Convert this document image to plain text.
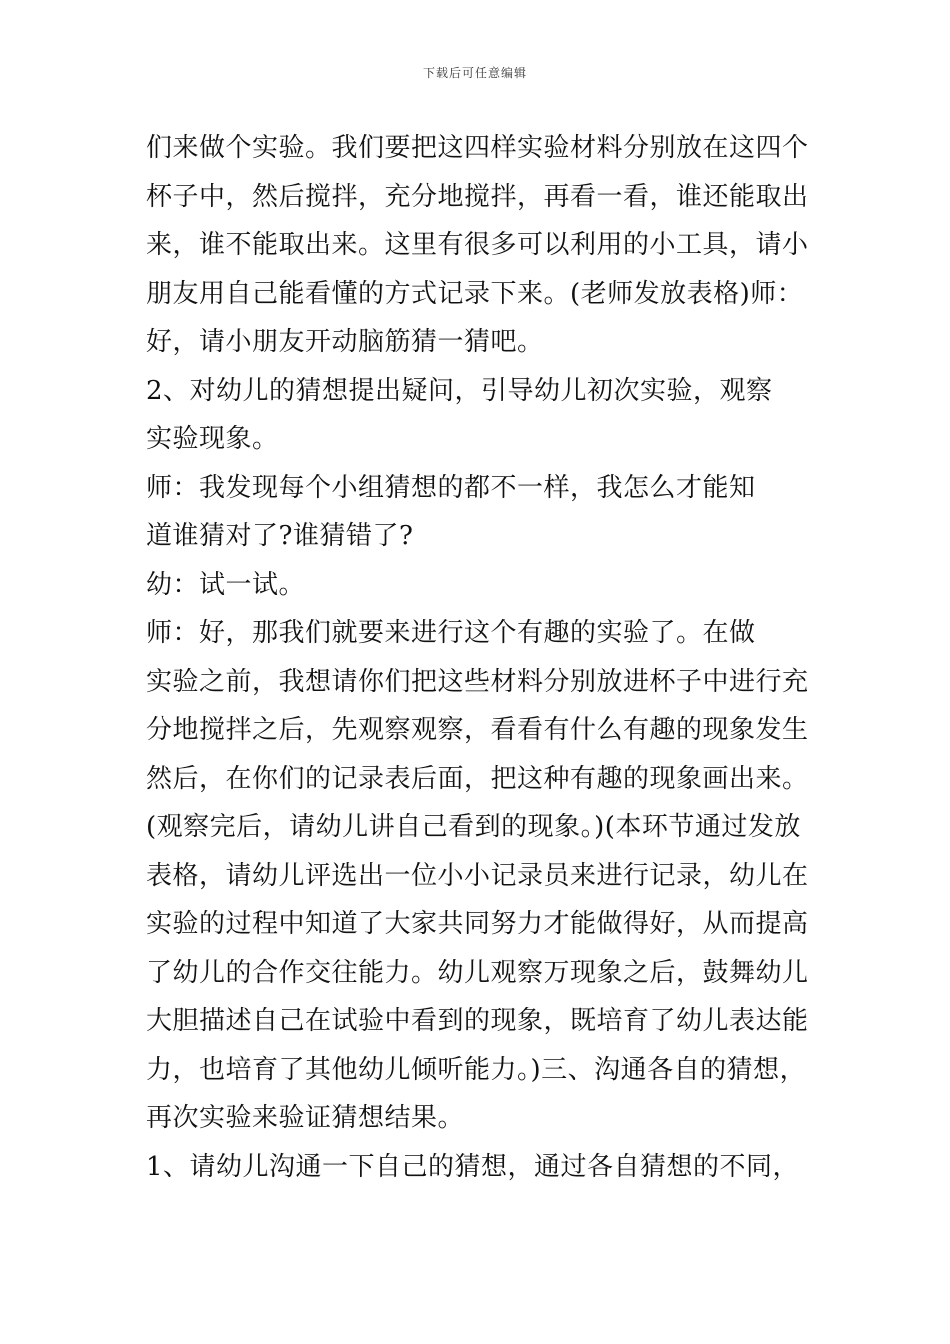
下载后可任意编辑

们来做个实验。我们要把这四样实验材料分别放在这四个

杯子中，然后搅拌，充分地搅拌，再看一看，谁还能取出

来，谁不能取出来。这里有很多可以利用的小工具，请小

朋友用自己能看懂的方式记录下来。(老师发放表格)师：

好，请小朋友开动脑筋猜一猜吧。

2、对幼儿的猜想提出疑问，引导幼儿初次实验，观察

实验现象。

师：我发现每个小组猜想的都不一样，我怎么才能知

道谁猜对了?谁猜错了?

幼：试一试。

师：好，那我们就要来进行这个有趣的实验了。在做

实验之前，我想请你们把这些材料分别放进杯子中进行充

分地搅拌之后，先观察观察，看看有什么有趣的现象发生

然后，在你们的记录表后面，把这种有趣的现象画出来。

(观察完后，请幼儿讲自己看到的现象。)(本环节通过发放

表格，请幼儿评选出一位小小记录员来进行记录，幼儿在

实验的过程中知道了大家共同努力才能做得好，从而提高

了幼儿的合作交往能力。幼儿观察万现象之后，鼓舞幼儿

大胆描述自己在试验中看到的现象，既培育了幼儿表达能

力，也培育了其他幼儿倾听能力。)三、沟通各自的猜想，

再次实验来验证猜想结果。

1、请幼儿沟通一下自己的猜想，通过各自猜想的不同，
